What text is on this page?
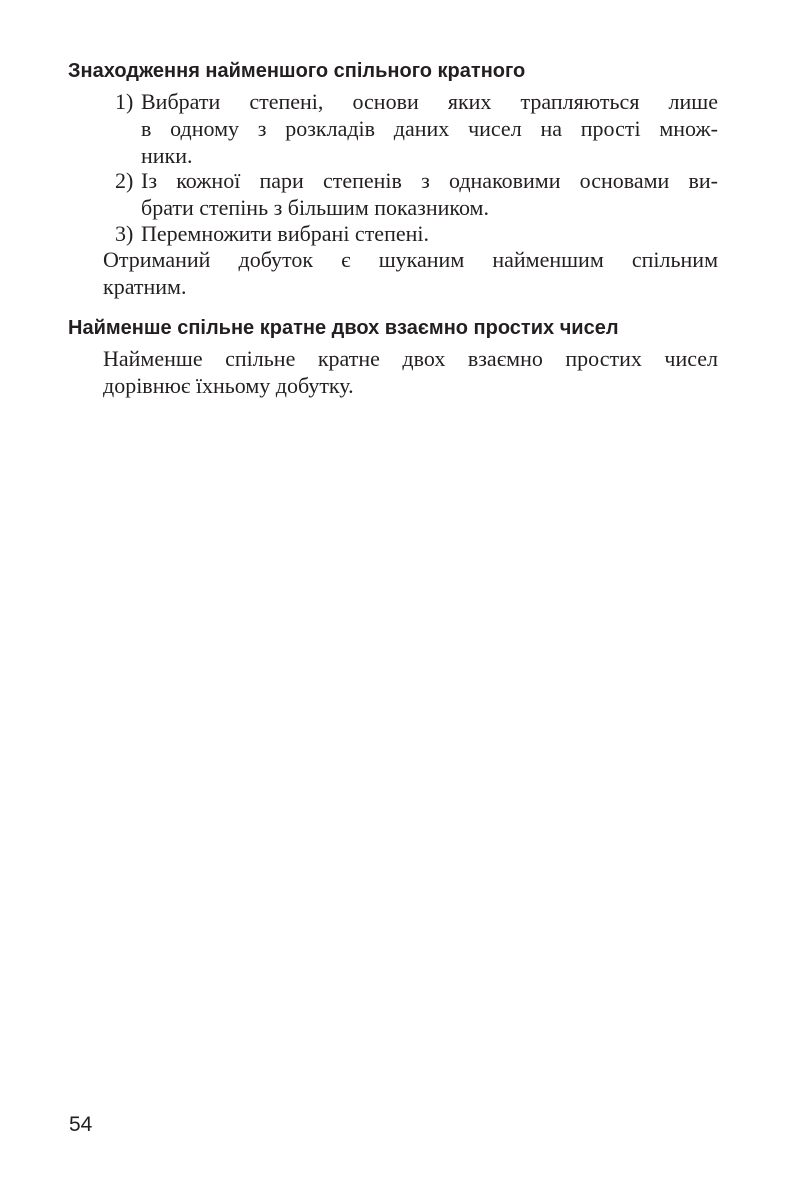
Знаходження найменшого спільного кратного
1) Вибрати степені, основи яких трапляються лише

в одному з розкладів даних чисел на прості множ-

ники.

2) Із кожної пари степенів з однаковими основами ви-

брати степінь з більшим показником.

3) Перемножити вибрані степені.

Отриманий добуток є шуканим найменшим спільним

кратним.

Найменше спільне кратне двох взаємно простих чисел

Найменше спільне кратне двох взаємно простих чисел

дорівнює їхньому добутку.

54
